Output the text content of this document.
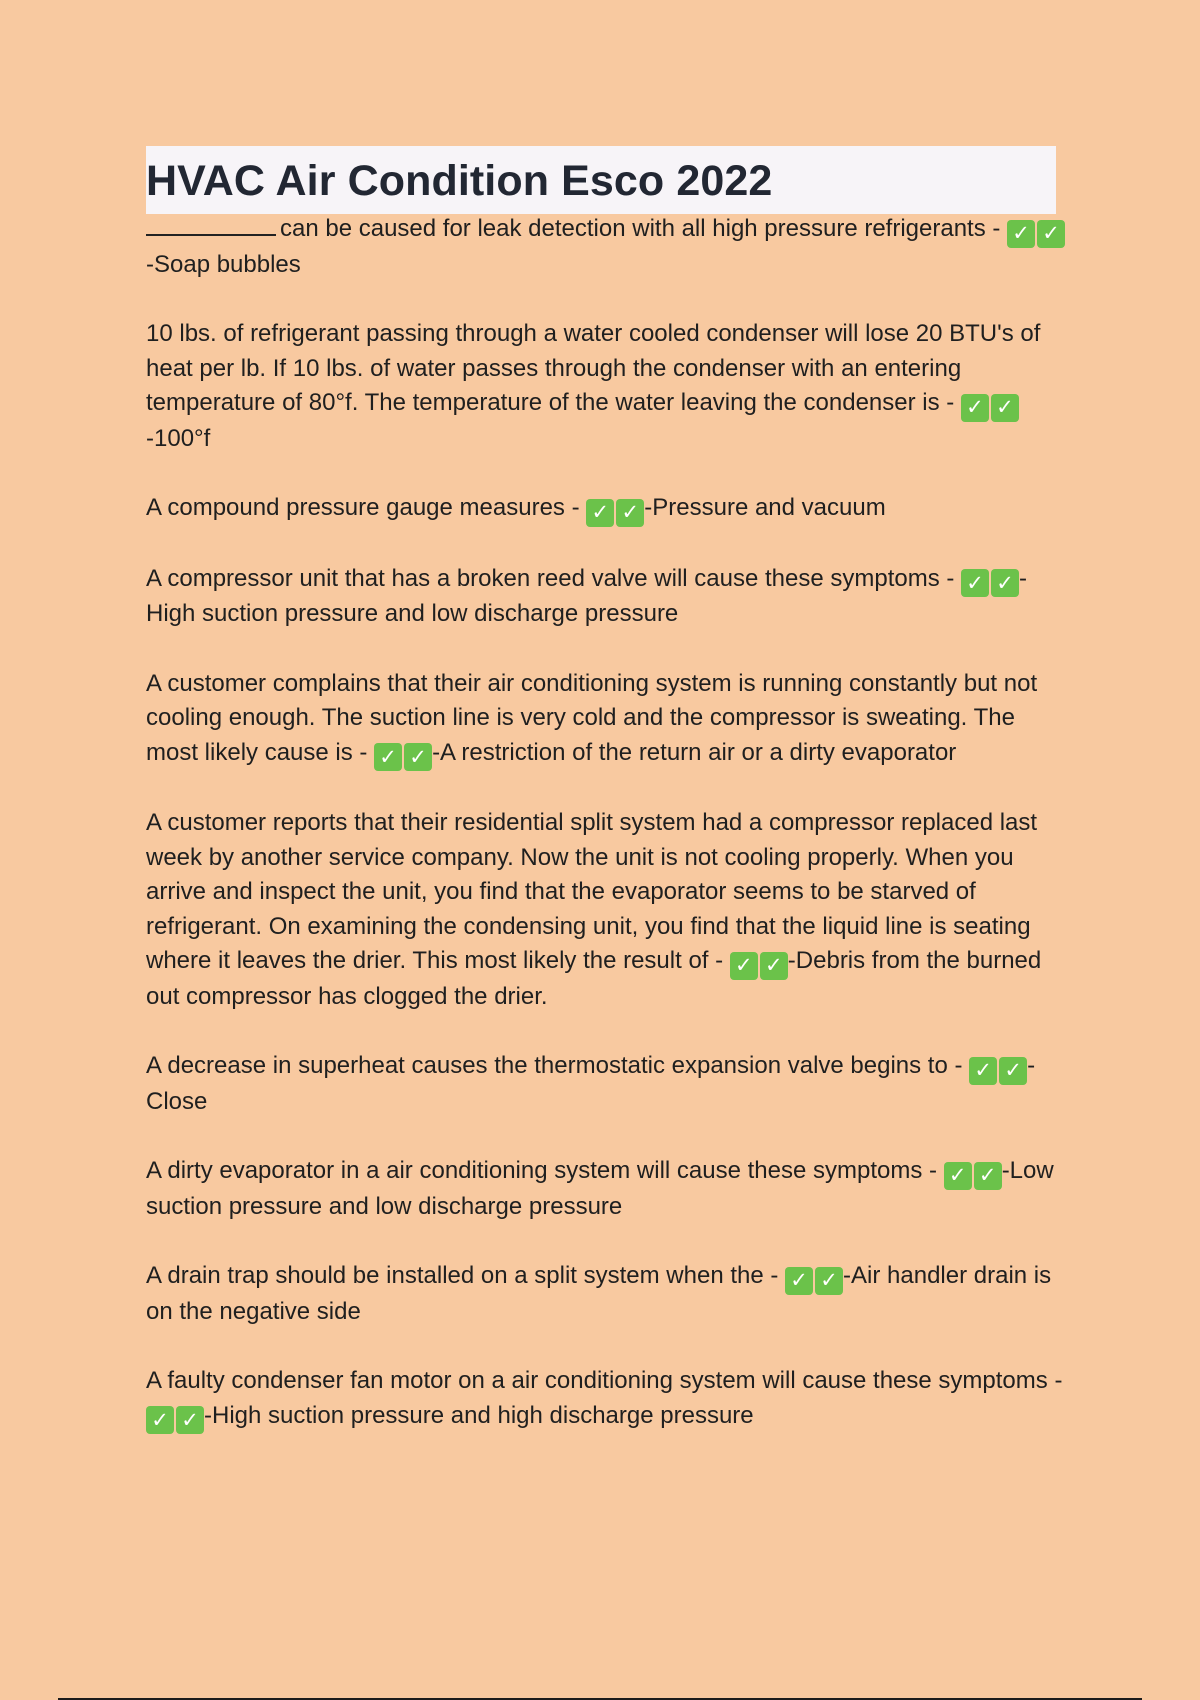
HVAC Air Condition Esco 2022

can be caused for leak detection with all high pressure refrigerants - ✓ ✓
-Soap bubbles

10 lbs. of refrigerant passing through a water cooled condenser will lose 20 BTU's of heat per lb. If 10 lbs. of water passes through the condenser with an entering temperature of 80°f. The temperature of the water leaving the condenser is - ✓ ✓
-100°f

A compound pressure gauge measures - ✓ ✓ -Pressure and vacuum

A compressor unit that has a broken reed valve will cause these symptoms - ✓ ✓ -High suction pressure and low discharge pressure

A customer complains that their air conditioning system is running constantly but not cooling enough. The suction line is very cold and the compressor is sweating. The most likely cause is - ✓ ✓ -A restriction of the return air or a dirty evaporator

A customer reports that their residential split system had a compressor replaced last week by another service company. Now the unit is not cooling properly. When you arrive and inspect the unit, you find that the evaporator seems to be starved of refrigerant. On examining the condensing unit, you find that the liquid line is seating where it leaves the drier. This most likely the result of - ✓ ✓ -Debris from the burned out compressor has clogged the drier.

A decrease in superheat causes the thermostatic expansion valve begins to - ✓ ✓ -Close

A dirty evaporator in a air conditioning system will cause these symptoms - ✓ ✓ -Low suction pressure and low discharge pressure

A drain trap should be installed on a split system when the - ✓ ✓ -Air handler drain is on the negative side

A faulty condenser fan motor on a air conditioning system will cause these symptoms -
✓ ✓ -High suction pressure and high discharge pressure
